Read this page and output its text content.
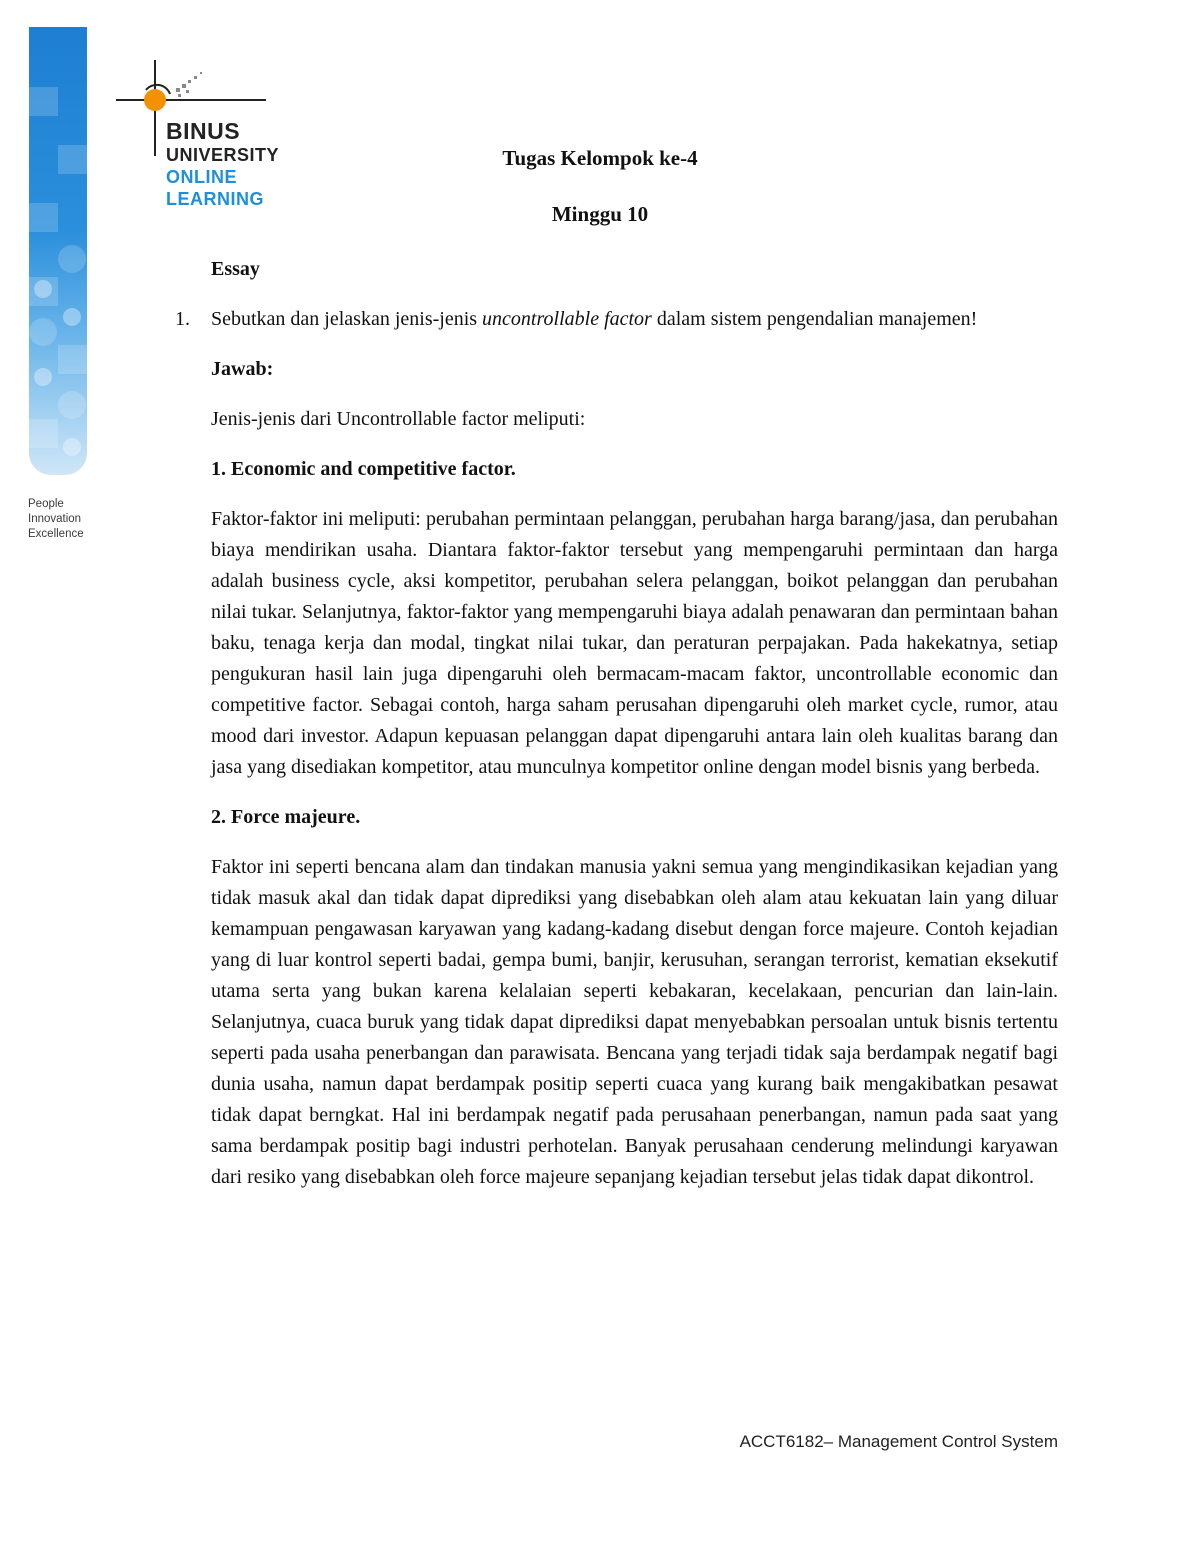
People
Innovation
Excellence
BINUS
UNIVERSITY
ONLINE
LEARNING
Tugas Kelompok ke-4
Minggu 10

Essay

1. Sebutkan dan jelaskan jenis-jenis uncontrollable factor dalam sistem pengendalian manajemen!

Jawab:

Jenis-jenis dari Uncontrollable factor meliputi:

1. Economic and competitive factor.

Faktor-faktor ini meliputi: perubahan permintaan pelanggan, perubahan harga barang/jasa, dan perubahan biaya mendirikan usaha. Diantara faktor-faktor tersebut yang mempengaruhi permintaan dan harga adalah business cycle, aksi kompetitor, perubahan selera pelanggan, boikot pelanggan dan perubahan nilai tukar. Selanjutnya, faktor-faktor yang mempengaruhi biaya adalah penawaran dan permintaan bahan baku, tenaga kerja dan modal, tingkat nilai tukar, dan peraturan perpajakan. Pada hakekatnya, setiap pengukuran hasil lain juga dipengaruhi oleh bermacam-macam faktor, uncontrollable economic dan competitive factor. Sebagai contoh, harga saham perusahan dipengaruhi oleh market cycle, rumor, atau mood dari investor. Adapun kepuasan pelanggan dapat dipengaruhi antara lain oleh kualitas barang dan jasa yang disediakan kompetitor, atau munculnya kompetitor online dengan model bisnis yang berbeda.

2. Force majeure.

Faktor ini seperti bencana alam dan tindakan manusia yakni semua yang mengindikasikan kejadian yang tidak masuk akal dan tidak dapat diprediksi yang disebabkan oleh alam atau kekuatan lain yang diluar kemampuan pengawasan karyawan yang kadang-kadang disebut dengan force majeure. Contoh kejadian yang di luar kontrol seperti badai, gempa bumi, banjir, kerusuhan, serangan terrorist, kematian eksekutif utama serta yang bukan karena kelalaian seperti kebakaran, kecelakaan, pencurian dan lain-lain. Selanjutnya, cuaca buruk yang tidak dapat diprediksi dapat menyebabkan persoalan untuk bisnis tertentu seperti pada usaha penerbangan dan parawisata. Bencana yang terjadi tidak saja berdampak negatif bagi dunia usaha, namun dapat berdampak positip seperti cuaca yang kurang baik mengakibatkan pesawat tidak dapat berngkat. Hal ini berdampak negatif pada perusahaan penerbangan, namun pada saat yang sama berdampak positip bagi industri perhotelan. Banyak perusahaan cenderung melindungi karyawan dari resiko yang disebabkan oleh force majeure sepanjang kejadian tersebut jelas tidak dapat dikontrol.

ACCT6182– Management Control System
